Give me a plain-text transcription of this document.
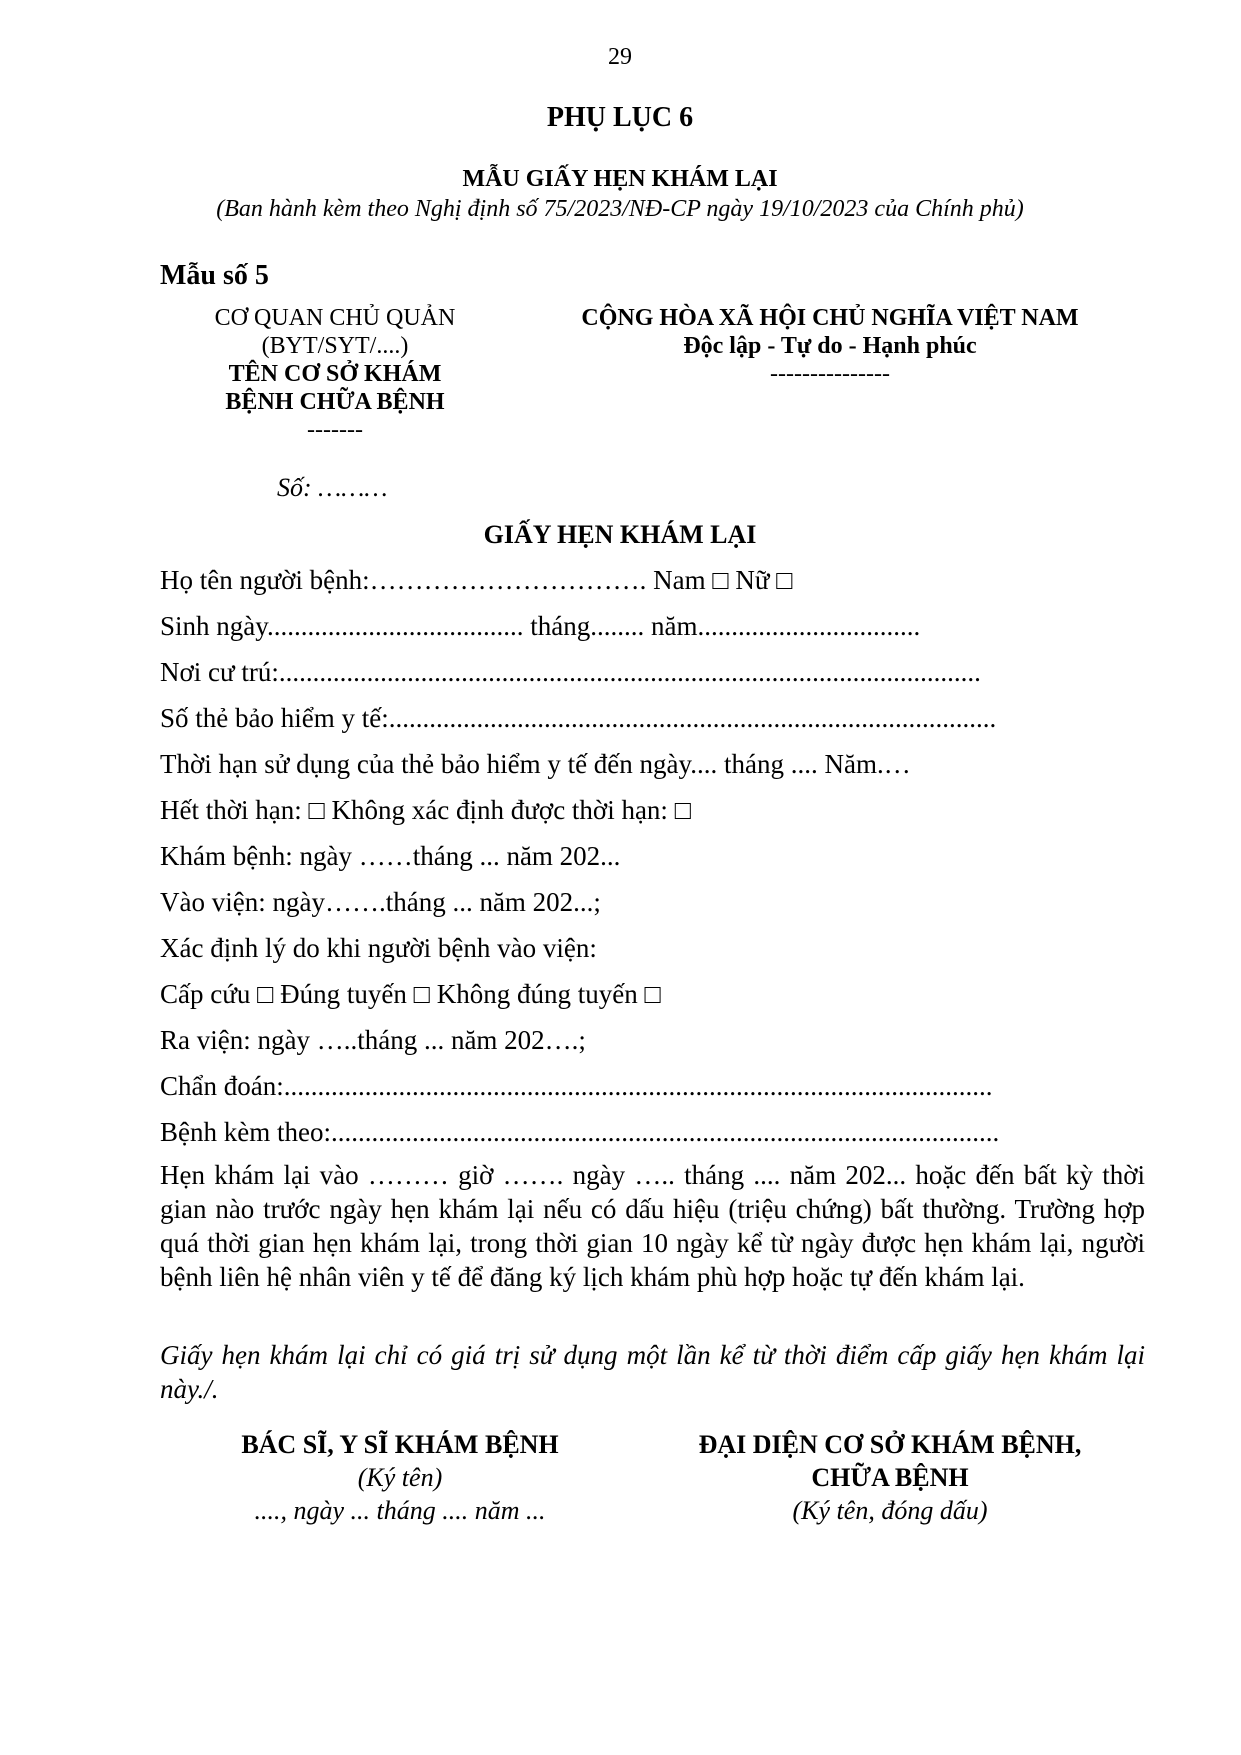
29
PHỤ LỤC 6
MẪU GIẤY HẸN KHÁM LẠI
(Ban hành kèm theo Nghị định số 75/2023/NĐ-CP ngày 19/10/2023 của Chính phủ)
Mẫu số 5
CƠ QUAN CHỦ QUẢN
(BYT/SYT/....)
TÊN CƠ SỞ KHÁM
BỆNH CHỮA BỆNH
-------
Số: ………
CỘNG HÒA XÃ HỘI CHỦ NGHĨA VIỆT NAM
Độc lập - Tự do - Hạnh phúc
---------------
GIẤY HẸN KHÁM LẠI
Họ tên người bệnh:…………………………. Nam □ Nữ □
Sinh ngày...................................... tháng........ năm.................................
Nơi cư trú:........................................................................................................
Số thẻ bảo hiểm y tế:..........................................................................................
Thời hạn sử dụng của thẻ bảo hiểm y tế đến ngày.... tháng .... Năm.…
Hết thời hạn: □ Không xác định được thời hạn: □
Khám bệnh: ngày ……tháng ... năm 202...
Vào viện: ngày…….tháng ... năm 202...;
Xác định lý do khi người bệnh vào viện:
Cấp cứu □ Đúng tuyến □ Không đúng tuyến □
Ra viện: ngày …..tháng ... năm 202….;
Chẩn đoán:.........................................................................................................
Bệnh kèm theo:...................................................................................................
Hẹn khám lại vào ……… giờ ……. ngày ….. tháng .... năm 202... hoặc đến bất kỳ thời gian nào trước ngày hẹn khám lại nếu có dấu hiệu (triệu chứng) bất thường. Trường hợp quá thời gian hẹn khám lại, trong thời gian 10 ngày kể từ ngày được hẹn khám lại, người bệnh liên hệ nhân viên y tế để đăng ký lịch khám phù hợp hoặc tự đến khám lại.
Giấy hẹn khám lại chỉ có giá trị sử dụng một lần kể từ thời điểm cấp giấy hẹn khám lại này./.
BÁC SĨ, Y SĨ KHÁM BỆNH
(Ký tên)
...., ngày ... tháng .... năm ...
ĐẠI DIỆN CƠ SỞ KHÁM BỆNH,
CHỮA BỆNH
(Ký tên, đóng dấu)
